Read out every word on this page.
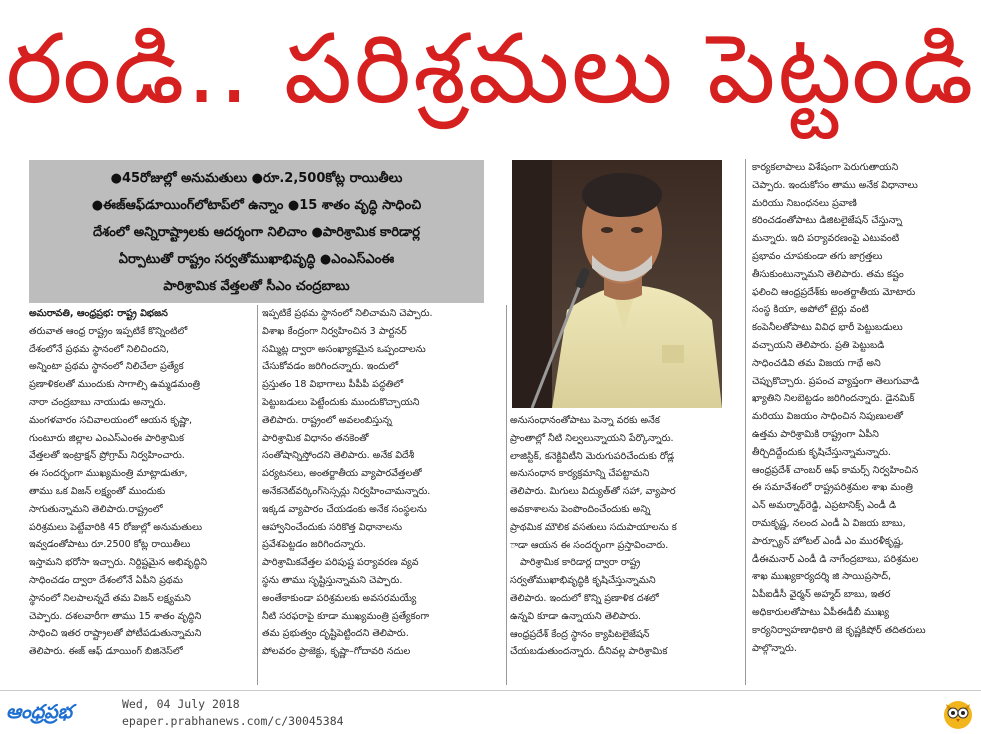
రండి.. పరిశ్రమలు పెట్టండి
●45రోజుల్లో అనుమతులు ●రూ.2,500కోట్ల రాయితీలు
●ఈజ్ఆఫ్‌డూయింగ్‌లోటాప్‌లో ఉన్నాం ●15 శాతం వృద్ధి సాధించి
దేశంలో అన్నిరాష్ట్రాలకు ఆదర్శంగా నిలిచాం ●పారిశ్రామిక కారిడార్ల
ఏర్పాటుతో రాష్ట్రం సర్వతోముఖాభివృద్ధి ●ఎంఎస్ఎంఈ
పారిశ్రామిక వేత్తలతో సీఎం చంద్రబాబు
అమరావతి, ఆంధ్రప్రభ: రాష్ట్ర విభజన
తరువాత ఆంధ్ర రాష్ట్రం ఇప్పటికే కొన్నింటిలో
దేశంలోనే ప్రథమ స్థానంలో నిలిచిందని,
అన్నింటా ప్రథమ స్థానంలో నిలిచేలా ప్రత్యేక
ప్రణాళికలతో ముందుకు సాగాల్సి ఉమ్మడమంత్రి
నారా చంద్రబాబు నాయుడు అన్నారు.
మంగళవారం సచివాలయంలో ఆయన కృష్ణా,
గుంటూరు జిల్లాల ఎంఎస్ఎంఈ పారిశ్రామిక
వేత్తలతో ఇంట్రాక్షన్ ప్రోగ్రామ్ నిర్వహించారు.
ఈ సందర్భంగా ముఖ్యమంత్రి మాట్లాడుతూ,
తాము ఒక విజన్ లక్ష్యంతో ముందుకు
సాగుతున్నామని తెలిపారు.రాష్ట్రంలో
పరిశ్రమలు పెట్టేవారికి 45 రోజుల్లో అనుమతులు
ఇవ్వడంతోపాటు రూ.2500 కోట్ల రాయితీలు
ఇస్తామని భరోసా ఇచ్చారు. నిర్దిష్టమైన అభివృద్ధిని
సాధించడం ద్వారా దేశంలోనే ఏపీని ప్రథమ
స్థానంలో నిలపాలన్నదే తమ విజన్ లక్ష్యమని
చెప్పారు. దశలవారీగా తాము 15 శాతం వృద్ధిని
సాధించి ఇతర రాష్ట్రాలతో పోటీపడుతున్నామని
తెలిపారు. ఈజ్ ఆఫ్ డూయింగ్ బిజినెస్‌లో
ఇప్పటికే ప్రథమ స్థానంలో నిలిచామని చెప్పారు.
విశాఖ కేంద్రంగా నిర్వహించిన 3 పార్టనర్
సమ్మిట్ల ద్వారా అసంఖ్యాకమైన ఒప్పందాలను
చేసుకోవడం జరిగిందన్నారు. ఇందులో
ప్రస్తుతం 18 విభాగాలు పీపీపీ పద్ధతిలో
పెట్టుబడులు పెట్టేందుకు ముందుకొచ్చాయని
తెలిపారు. రాష్ట్రంలో అవలంబిస్తున్న
పారిశ్రామిక విధానం తనకెంతో
సంతోషాన్నిస్తోందని తెలిపారు. అనేక విదేశీ
పర్యటనలు, అంతర్జాతీయ వ్యాపారవేత్తలతో
అనేకనెట్‌వర్కింగ్‌సెస్సన్లు నిర్వహించామన్నారు.
ఇక్కడ వ్యాపారం చేయడంకు అనేక సంస్థలను
ఆహ్వానించేందుకు సరికొత్త విధానాలను
ప్రవేశపెట్టడం జరిగిందన్నారు.
పారిశ్రామికవేత్తల పరిపుష్ట పర్యావరణ వ్యవ
స్థను తాము సృష్టిస్తున్నామని చెప్పారు.
అంతేకాకుండా పరిశ్రమలకు అవసరమయ్యే
నీటి సరఫరాపై కూడా ముఖ్యమంత్రి ప్రత్యేకంగా
తమ ప్రభుత్వం దృష్టిపెట్టిందని తెలిపారు.
పోలవరం ప్రాజెక్టు, కృష్ణా–గోదావరి నదుల
అనుసంధానంతోపాటు పెన్నా వరకు అనేక
ప్రాంతాల్లో నీటి నిల్వలున్నాయని పేర్కొన్నారు.
లాజిస్టిక్, కనెక్టివిటీని మెరుగుపరిచేందుకు రోడ్ల
అనుసంధాన కార్యక్రమాన్ని చేపట్టామని
తెలిపారు. మిగులు విద్యుత్‌తో సహా, వ్యాపార
అవకాశాలను పెంపొందించేందుకు అన్ని
ప్రాథమిక మౌలిక వసతులు సదుపాయాలను క
ాడా ఆయన ఈ సందర్భంగా ప్రస్తావించారు.
పారిశ్రామిక కారిడార్ల ద్వారా రాష్ట్ర
సర్వతోముఖాభివృద్ధికి కృషిచేస్తున్నామని
తెలిపారు. ఇందులో కొన్ని ప్రణాళిక దశలో
ఉన్నవి కూడా ఉన్నాయని తెలిపారు.
ఆంధ్రప్రదేశ్ కేంద్ర స్థానం క్యాపిటలైజేషన్
చేయబడుతుందన్నారు. దీనివల్ల పారిశ్రామిక
కార్యకలాపాలు విశేషంగా పెరుగుతాయని
చెప్పారు. ఇందుకోసం తాము అనేక విధానాలు
మరియు నిబంధనలు ప్రవాణి
కరించడంతోపాటు డిజిటలైజేషన్ చేస్తున్నా
మన్నారు. ఇది పర్యావరణంపై ఎటువంటి
ప్రభావం చూపకుండా తగు జాగ్రత్తలు
తీసుకుంటున్నామని తెలిపారు. తమ కష్టం
ఫలించి ఆంధ్రప్రదేశ్‌కు అంతర్జాతీయ మోటారు
సంస్థ కియా, అపోలో టైర్లు వంటి
కంపెనీలతోపాటు వివిధ భారీ పెట్టుబడులు
వచ్చాయని తెలిపారు. ప్రతి పెట్టుబడి
సాధించడివి తమ విజయ గాథే అని
చెప్పుకొచ్చారు. ప్రపంచ వ్యాప్తంగా తెలుగువాడి
ఖ్యాతిని నిలబెట్టడం జరిగిందన్నారు. డైనమిక్
మరియు విజయం సాధించిన నిపుణులతో
ఉత్తమ పారిశ్రామికి రాష్ట్రంగా ఏపీని
తీర్చిదిద్దేందుకు కృషిచేస్తున్నామన్నారు.
ఆంధ్రప్రదేశ్ చాంబర్ ఆఫ్ కామర్స్ నిర్వహించిన
ఈ సమావేశంలో రాష్ట్రపరిశ్రమల శాఖ మంత్రి
ఎన్ అమర్నాథ్‌రెడ్డి, ఎప్రటానిక్స్ ఎండీ డి
రామకృష్ణ, నలంద ఎండీ ఏ విజయ బాబు,
పార్చ్యూన్ హోటల్ ఎండీ ఎం మురళీకృష్ణ,
డీఈమనార్ ఎండీ డి నాగేంద్రబాబు, పరిశ్రమల
శాఖ ముఖ్యకార్యదర్శి జి సాయిప్రసాద్,
ఏపీఐడీసీ వైర్మన్ అహ్మద్ బాబు, ఇతర
అధికారులతోపాటు ఏపీఈడీబీ ముఖ్య
కార్యనిర్వాహణాధికారి జె కృష్ణకిషోర్ తదితరులు
పాల్గొన్నారు.
ఆంధ్రప్రభ	Wed, 04 July 2018
epaper.prabhanews.com/c/30045384
